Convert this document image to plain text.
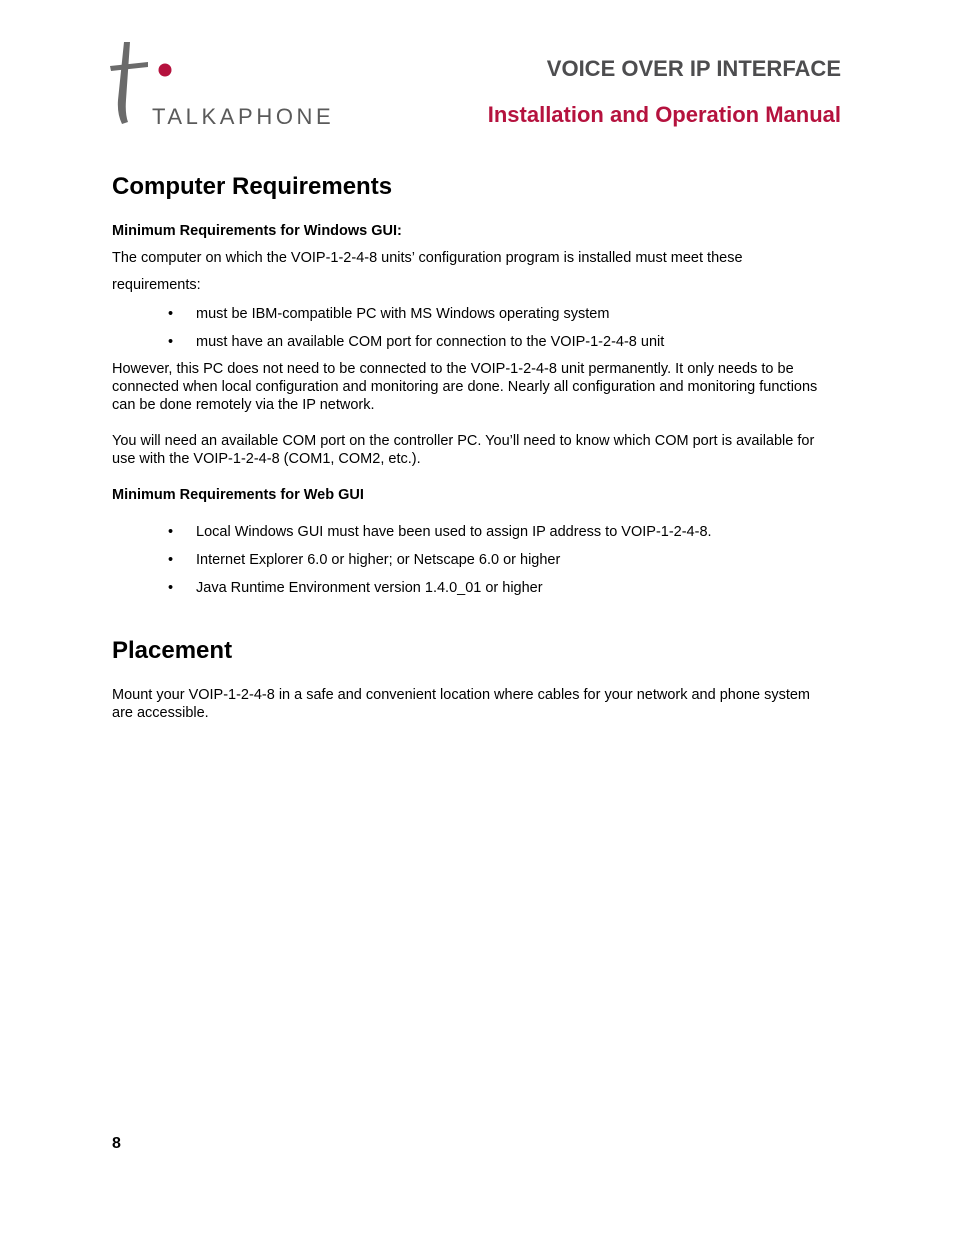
TALKAPHONE
VOICE OVER IP INTERFACE
Installation and Operation Manual
Computer Requirements
Minimum Requirements for Windows GUI:

The computer on which the VOIP-1-2-4-8 units’ configuration program is installed must meet these requirements:

• must be IBM-compatible PC with MS Windows operating system
• must have an available COM port for connection to the VOIP-1-2-4-8 unit

However, this PC does not need to be connected to the VOIP-1-2-4-8 unit permanently. It only needs to be connected when local configuration and monitoring are done. Nearly all configuration and monitoring functions can be done remotely via the IP network.

You will need an available COM port on the controller PC. You’ll need to know which COM port is available for use with the VOIP-1-2-4-8 (COM1, COM2, etc.).

Minimum Requirements for Web GUI
• Local Windows GUI must have been used to assign IP address to VOIP-1-2-4-8.
• Internet Explorer 6.0 or higher; or Netscape 6.0 or higher
• Java Runtime Environment version 1.4.0_01 or higher
Placement

Mount your VOIP-1-2-4-8 in a safe and convenient location where cables for your network and phone system are accessible.

8
